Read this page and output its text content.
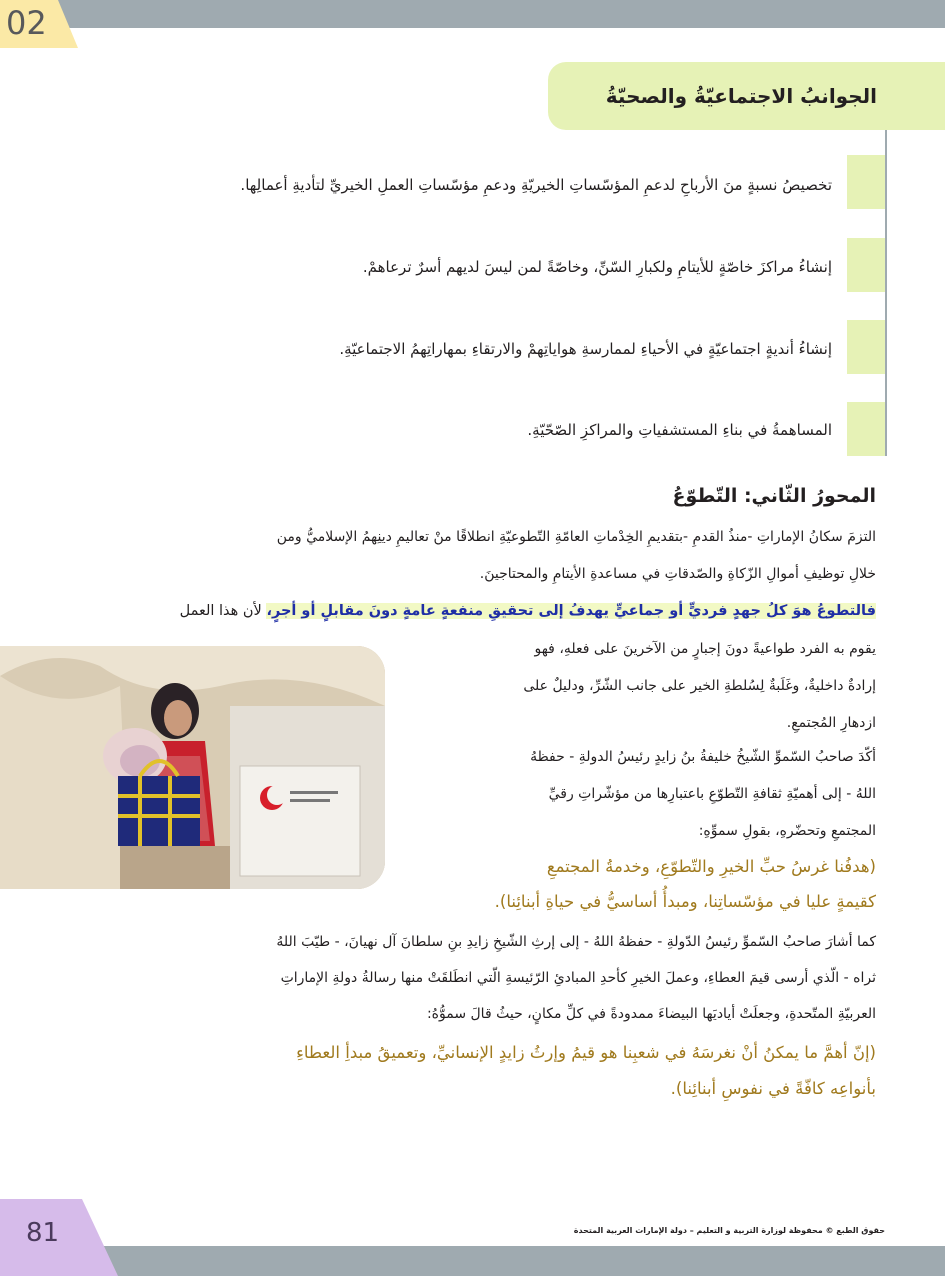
02
الجوانبُ الاجتماعيّةُ والصحيّةُ
تخصيصُ نسبةٍ منَ الأرباحِ لدعمِ المؤسّساتِ الخيريّةِ ودعمِ مؤسّساتِ العملِ الخيريِّ لتأديةِ أعمالِها.
إنشاءُ مراكزَ خاصّةٍ للأيتامِ ولكبارِ السّنِّ، وخاصّةً لمن ليسَ لديهم أسرٌ ترعاهمْ.
إنشاءُ أنديةٍ اجتماعيّةٍ في الأحياءِ لممارسةِ هواياتِهمْ والارتقاءِ بمهاراتِهمُ الاجتماعيّةِ.
المساهمةُ في بناءِ المستشفياتِ والمراكزِ الصّحّيّةِ.
المحورُ الثّاني: التّطوّعُ
التزمَ سكانُ الإماراتِ -منذُ القدمِ -بتقديمِ الخِدْماتِ العامّةِ التّطوعيّةِ انطلاقًا منْ تعاليمِ دينِهمُ الإسلاميُّ ومن
خلالِ توظيفِ أموالِ الزّكاةِ والصّدقاتِ في مساعدةِ الأيتامِ والمحتاجينَ.
فالتطوعُ هوَ كلُ جهدٍ فرديٍّ أو جماعيٍّ يهدفُ إلى تحقيقِ منفعةٍ عامةٍ دونَ مقابلٍ أو أجرٍ، لأن هذا العمل
يقوم به الفرد طواعيةً دونَ إجبارٍ من الآخرينَ على فعلهِ، فهو
إرادةٌ داخليةٌ، وغَلَبةٌ لِسُلطةِ الخير على جانب الشّرِّ، ودليلٌ على
ازدهارِ المُجتمعِ.
أكّدَ صاحبُ السّموِّ الشّيخُ خليفةُ بنُ زايدٍ رئيسُ الدولةِ - حفظهُ
اللهُ - إلى أهميّةِ ثقافةِ التّطوّعِ باعتبارِها من مؤشّراتِ رقيِّ
المجتمعِ وتحضّرهِ، بقولِ سموِّهِ:
(هدفُنا غرسُ حبِّ الخيرِ والتّطوّعِ، وخدمةُ المجتمعِ
كقيمةٍ عليا في مؤسّساتِنا، ومبدأُ أساسيُّ في حياةِ أبنائِنا).
كما أشارَ صاحبُ السّموِّ رئيسُ الدّولةِ - حفظهُ اللهُ - إلى إرثِ الشّيخِ زايدِ بنِ سلطانَ آل نهيانَ، - طيّبَ اللهُ
ثراه - الّذي أرسى قيمَ العطاءِ، وعملَ الخيرِ كأحدِ المبادئِ الرّئيسةِ الّتي انطَلقَتْ منها رسالةُ دولةِ الإماراتِ
العربيّةِ المتّحدةِ، وجعلَتْ أياديَها البيضاءَ ممدودةً في كلِّ مكانٍ، حيثُ قالَ سموُّهُ:
(إنّ أهمَّ ما يمكنُ أنْ نغرسَهُ في شعبِنا هو قيمُ وإرثُ زايدٍ الإنسانيِّ، وتعميقُ مبدأِ العطاءِ
بأنواعِه كافّةً في نفوسِ أبنائِنا).
81	حقوق الطبع © محفوظة لوزارة التربية و التعليم – دولة الإمارات العربية المتحدة
